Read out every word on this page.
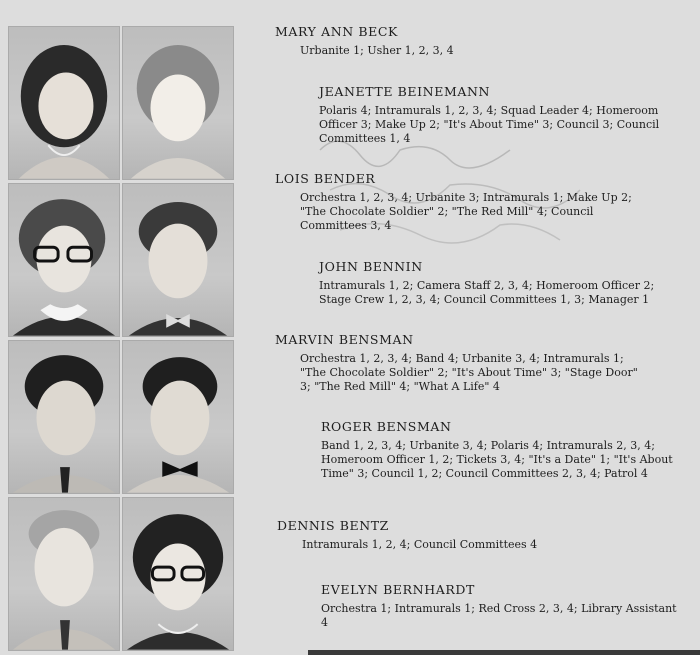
MARY ANN BECK
Urbanite 1; Usher 1, 2, 3, 4
JEANETTE BEINEMANN
Polaris 4; Intramurals 1, 2, 3, 4; Squad Leader 4; Homeroom Officer 3; Make Up 2; "It's About Time" 3; Council 3; Council Committees 1, 4
LOIS BENDER
Orchestra 1, 2, 3, 4; Urbanite 3; Intramurals 1; Make Up 2; "The Chocolate Soldier" 2; "The Red Mill" 4; Council Committees 3, 4
JOHN BENNIN
Intramurals 1, 2; Camera Staff 2, 3, 4; Homeroom Officer 2; Stage Crew 1, 2, 3, 4; Council Committees 1, 3; Manager 1
MARVIN BENSMAN
Orchestra 1, 2, 3, 4; Band 4; Urbanite 3, 4; Intramurals 1; "The Chocolate Soldier" 2; "It's About Time" 3; "Stage Door" 3; "The Red Mill" 4; "What A Life" 4
ROGER BENSMAN
Band 1, 2, 3, 4; Urbanite 3, 4; Polaris 4; Intramurals 2, 3, 4; Homeroom Officer 1, 2; Tickets 3, 4; "It's a Date" 1; "It's About Time" 3; Council 1, 2; Council Committees 2, 3, 4; Patrol 4
DENNIS BENTZ
Intramurals 1, 2, 4; Council Committees 4
EVELYN BERNHARDT
Orchestra 1; Intramurals 1; Red Cross 2, 3, 4; Library Assistant 4
